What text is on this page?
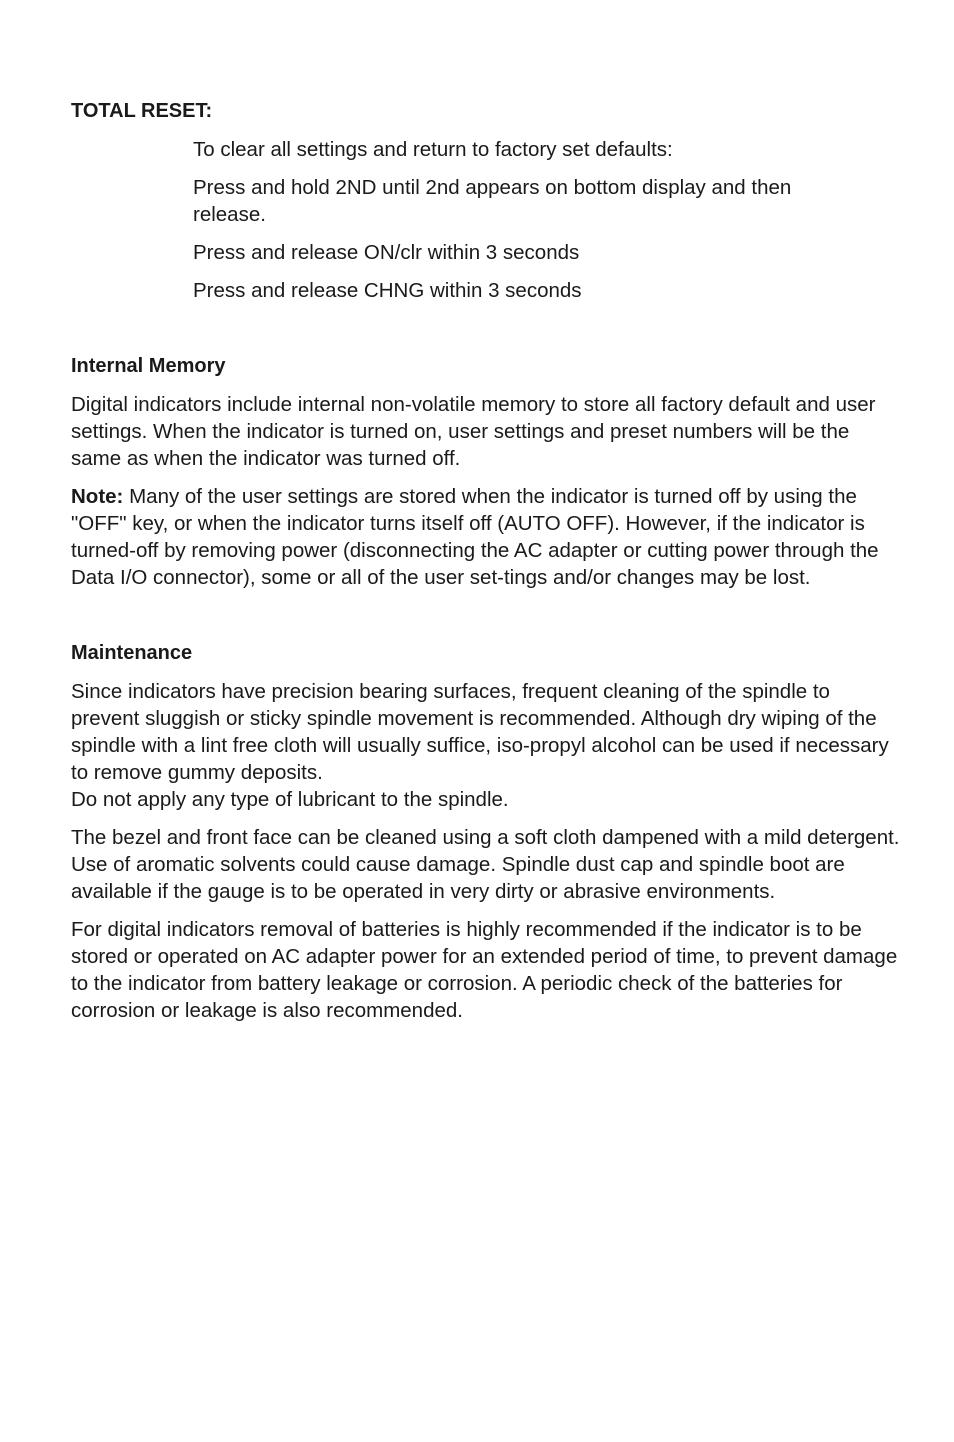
TOTAL RESET:
To clear all settings and return to factory set defaults:
Press and hold 2ND until 2nd appears on bottom display and then release.
Press and release ON/clr within 3 seconds
Press and release CHNG within 3 seconds
Internal Memory

Digital indicators include internal non-volatile memory to store all factory default and user settings. When the indicator is turned on, user settings and preset numbers will be the same as when the indicator was turned off.

Note: Many of the user settings are stored when the indicator is turned off by using the "OFF" key, or when the indicator turns itself off (AUTO OFF). However, if the indicator is turned-off by removing power (disconnecting the AC adapter or cutting power through the Data I/O connector), some or all of the user set-tings and/or changes may be lost.

Maintenance

Since indicators have precision bearing surfaces, frequent cleaning of the spindle to prevent sluggish or sticky spindle movement is recommended. Although dry wiping of the spindle with a lint free cloth will usually suffice, iso-propyl alcohol can be used if necessary to remove gummy deposits.
Do not apply any type of lubricant to the spindle.

The bezel and front face can be cleaned using a soft cloth dampened with a mild detergent. Use of aromatic solvents could cause damage. Spindle dust cap and spindle boot are available if the gauge is to be operated in very dirty or abrasive environments.

For digital indicators removal of batteries is highly recommended if the indicator is to be stored or operated on AC adapter power for an extended period of time, to prevent damage to the indicator from battery leakage or corrosion. A periodic check of the batteries for corrosion or leakage is also recommended.
